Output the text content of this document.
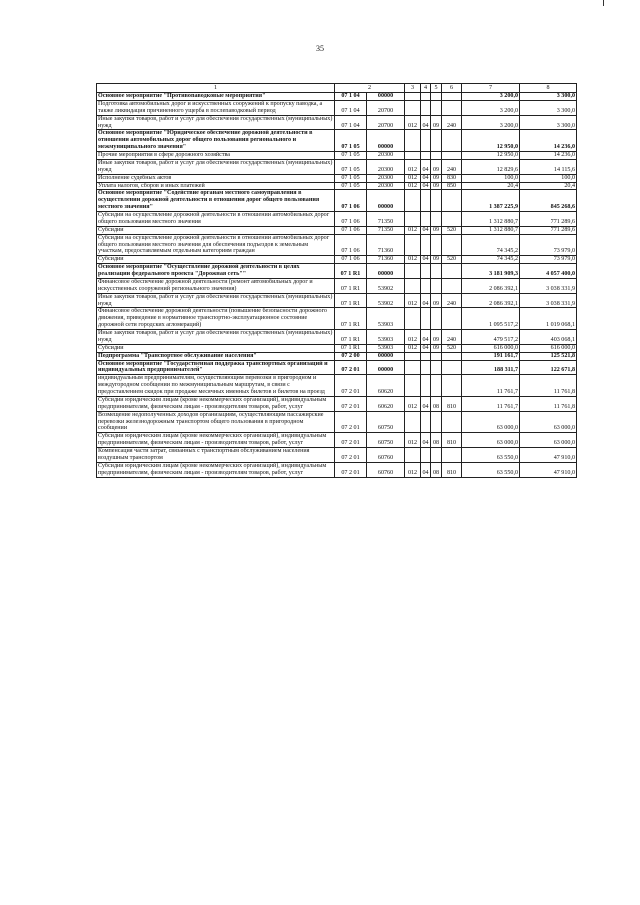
35
1	2		3	4	5	6	7	8
Основное мероприятие "Противопаводковые мероприятия"	07 1 04	00000					3 200,0	3 300,0
Подготовка автомобильных дорог и искусственных сооружений к пропуску паводка, а также ликвидация причиненного ущерба в послепаводковый период	07 1 04	20700					3 200,0	3 300,0
Иные закупки товаров, работ и услуг для обеспечения государственных (муниципальных) нужд	07 1 04	20700	012	04	09	240	3 200,0	3 300,0
Основное мероприятие "Юридическое обеспечение дорожной деятельности в отношении автомобильных дорог общего пользования регионального и межмуниципального значения"	07 1 05	00000					12 950,0	14 236,0
Прочие мероприятия в сфере дорожного хозяйства	07 1 05	20300					12 950,0	14 236,0
Иные закупки товаров, работ и услуг для обеспечения государственных (муниципальных) нужд	07 1 05	20300	012	04	09	240	12 829,6	14 115,6
Исполнение судебных актов	07 1 05	20300	012	04	09	830	100,0	100,0
Уплата налогов, сборов и иных платежей	07 1 05	20300	012	04	09	850	20,4	20,4
Основное мероприятие "Содействие органам местного самоуправления в осуществлении дорожной деятельности в отношении дорог общего пользования местного значения"	07 1 06	00000					1 387 225,9	845 268,6
Субсидии на осуществление дорожной деятельности в отношении автомобильных дорог общего пользования местного значения	07 1 06	71350					1 312 880,7	771 289,6
Субсидии	07 1 06	71350	012	04	09	520	1 312 880,7	771 289,6
Субсидии на осуществление дорожной деятельности в отношении автомобильных дорог общего пользования местного значения для обеспечения подъездов к земельным участкам, предоставляемым отдельным категориям граждан	07 1 06	71360					74 345,2	73 979,0
Субсидии	07 1 06	71360	012	04	09	520	74 345,2	73 979,0
Основное мероприятие "Осуществление дорожной деятельности в целях реализации федерального проекта "Дорожная сеть""	07 1 R1	00000					3 181 909,3	4 057 400,0
Финансовое обеспечение дорожной деятельности (ремонт автомобильных дорог и искусственных сооружений регионального значения)	07 1 R1	53902					2 086 392,1	3 038 331,9
Иные закупки товаров, работ и услуг для обеспечения государственных (муниципальных) нужд	07 1 R1	53902	012	04	09	240	2 086 392,1	3 038 331,9
Финансовое обеспечение дорожной деятельности (повышение безопасности дорожного движения, приведение в нормативное транспортно-эксплуатационное состояние дорожной сети городских агломераций)	07 1 R1	53903					1 095 517,2	1 019 068,1
Иные закупки товаров, работ и услуг для обеспечения государственных (муниципальных) нужд	07 1 R1	53903	012	04	09	240	479 517,2	403 068,1
Субсидии	07 1 R1	53903	012	04	09	520	616 000,0	616 000,0
Подпрограмма "Транспортное обслуживание населения"	07 2 00	00000					191 161,7	125 521,8
Основное мероприятие "Государственная поддержка транспортных организаций и индивидуальных предпринимателей"	07 2 01	00000					188 311,7	122 671,8
индивидуальным предпринимателям, осуществляющим перевозки в пригородном и междугородном сообщении по межмуниципальным маршрутам, в связи с предоставлением скидок при продаже месячных именных билетов и билетов на проезд	07 2 01	60620					11 761,7	11 761,8
Субсидии юридическим лицам (кроме некоммерческих организаций), индивидуальным предпринимателям, физическим лицам - производителям товаров, работ, услуг	07 2 01	60620	012	04	08	810	11 761,7	11 761,8
Возмещение недополученных доходов организациям, осуществляющим пассажирские перевозки железнодорожным транспортом общего пользования в пригородном сообщении	07 2 01	60750					63 000,0	63 000,0
Субсидии юридическим лицам (кроме некоммерческих организаций), индивидуальным предпринимателям, физическим лицам - производителям товаров, работ, услуг	07 2 01	60750	012	04	08	810	63 000,0	63 000,0
Компенсация части затрат, связанных с транспортным обслуживанием населения воздушным транспортом	07 2 01	60760					63 550,0	47 910,0
Субсидии юридическим лицам (кроме некоммерческих организаций), индивидуальным предпринимателям, физическим лицам - производителям товаров, работ, услуг	07 2 01	60760	012	04	08	810	63 550,0	47 910,0
